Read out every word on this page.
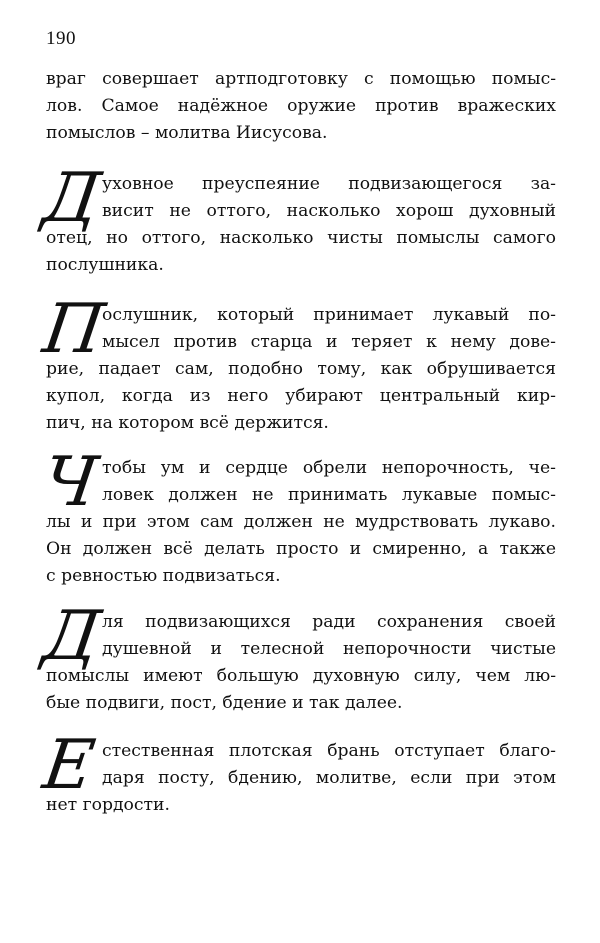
190
враг совершает артподготовку с помощью помыс-
лов. Самое надёжное оружие против вражеских
помыслов – молитва Иисусова.
Д
уховное преуспеяние подвизающегося за-
висит не оттого, насколько хорош духовный
отец, но оттого, насколько чисты помыслы самого
послушника.
П
ослушник, который принимает лукавый по-
мысел против старца и теряет к нему дове-
рие, падает сам, подобно тому, как обрушивается
купол, когда из него убирают центральный кир-
пич, на котором всё держится.
Ч тобы ум и сердце обрели непорочность, че-
ловек должен не принимать лукавые помыс-
лы и при этом сам должен не мудрствовать лукаво.
Он должен всё делать просто и смиренно, а также
с ревностью подвизаться.
Д
ля подвизающихся ради сохранения своей
душевной и телесной непорочности чистые
помыслы имеют большую духовную силу, чем лю-
бые подвиги, пост, бдение и так далее.
Е стественная плотская брань отступает благо-
даря посту, бдению, молитве, если при этом
нет гордости.
